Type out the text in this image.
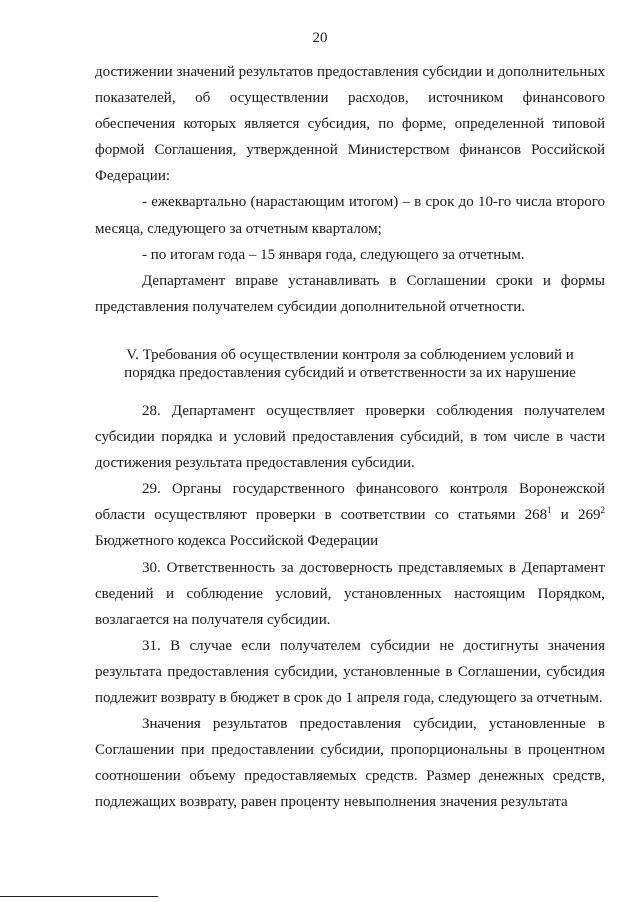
20

достижении значений результатов предоставления субсидии и дополнительных показателей, об осуществлении расходов, источником финансового обеспечения которых является субсидия, по форме, определенной типовой формой Соглашения, утвержденной Министерством финансов Российской Федерации:

- ежеквартально (нарастающим итогом) – в срок до 10-го числа второго месяца, следующего за отчетным кварталом;

- по итогам года – 15 января года, следующего за отчетным.

Департамент вправе устанавливать в Соглашении сроки и формы представления получателем субсидии дополнительной отчетности.

V. Требования об осуществлении контроля за соблюдением условий и порядка предоставления субсидий и ответственности за их нарушение

28. Департамент осуществляет проверки соблюдения получателем субсидии порядка и условий предоставления субсидий, в том числе в части достижения результата предоставления субсидии.

29. Органы государственного финансового контроля Воронежской области осуществляют проверки в соответствии со статьями $268^1$ и $269^2$ Бюджетного кодекса Российской Федерации

30. Ответственность за достоверность представляемых в Департамент сведений и соблюдение условий, установленных настоящим Порядком, возлагается на получателя субсидии.

31. В случае если получателем субсидии не достигнуты значения результата предоставления субсидии, установленные в Соглашении, субсидия подлежит возврату в бюджет в срок до 1 апреля года, следующего за отчетным.

Значения результатов предоставления субсидии, установленные в Соглашении при предоставлении субсидии, пропорциональны в процентном соотношении объему предоставляемых средств. Размер денежных средств, подлежащих возврату, равен проценту невыполнения значения результата
